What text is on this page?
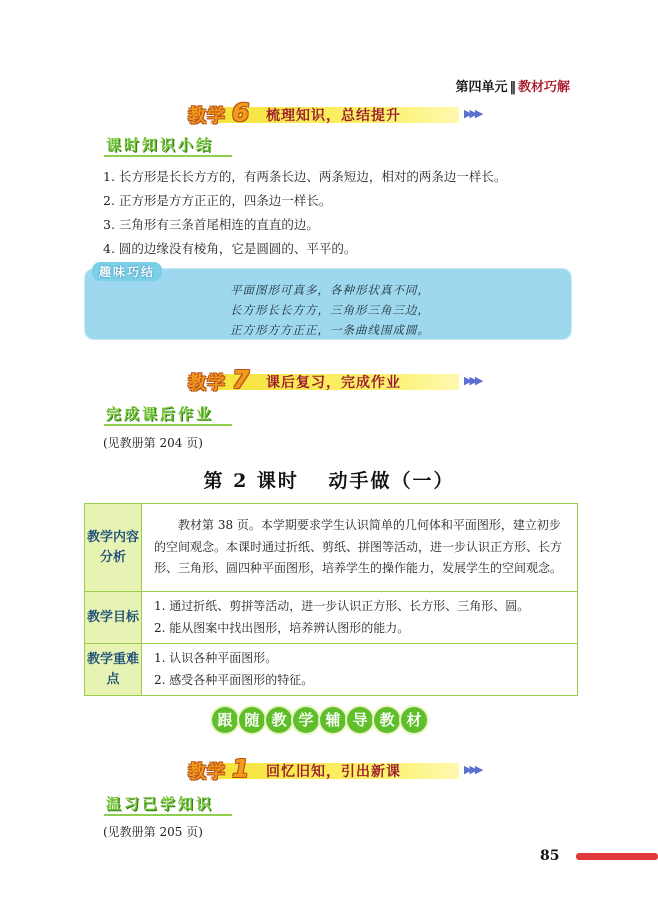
第四单元 ‖ 教材巧解
教学 6 梳理知识，总结提升	▶▶▶
课时知识小结
1. 长方形是长长方方的，有两条长边、两条短边，相对的两条边一样长。
2. 正方形是方方正正的，四条边一样长。
3. 三角形有三条首尾相连的直直的边。
4. 圆的边缘没有棱角，它是圆圆的、平平的。
趣味巧结
平面图形可真多，各种形状真不同，
长方形长长方方，三角形三角三边，
正方形方方正正，一条曲线围成圆。
教学 7 课后复习，完成作业	▶▶▶
完成课后作业
(见教册第 204 页)
第 2 课时　 动手做（一）
教学内容分析	教材第 38 页。本学期要求学生认识简单的几何体和平面图形，建立初步的空间观念。本课时通过折纸、剪纸、拼图等活动，进一步认识正方形、长方形、三角形、圆四种平面图形，培养学生的操作能力，发展学生的空间观念。

教学目标	1. 通过折纸、剪拼等活动，进一步认识正方形、长方形、三角形、圆。
2. 能从图案中找出图形，培养辨认图形的能力。

教学重难点	1. 认识各种平面图形。
2. 感受各种平面图形的特征。
跟 随 教 学 辅 导 教 材
教学 1 回忆旧知，引出新课	▶▶▶
温习已学知识
(见教册第 205 页)
85
